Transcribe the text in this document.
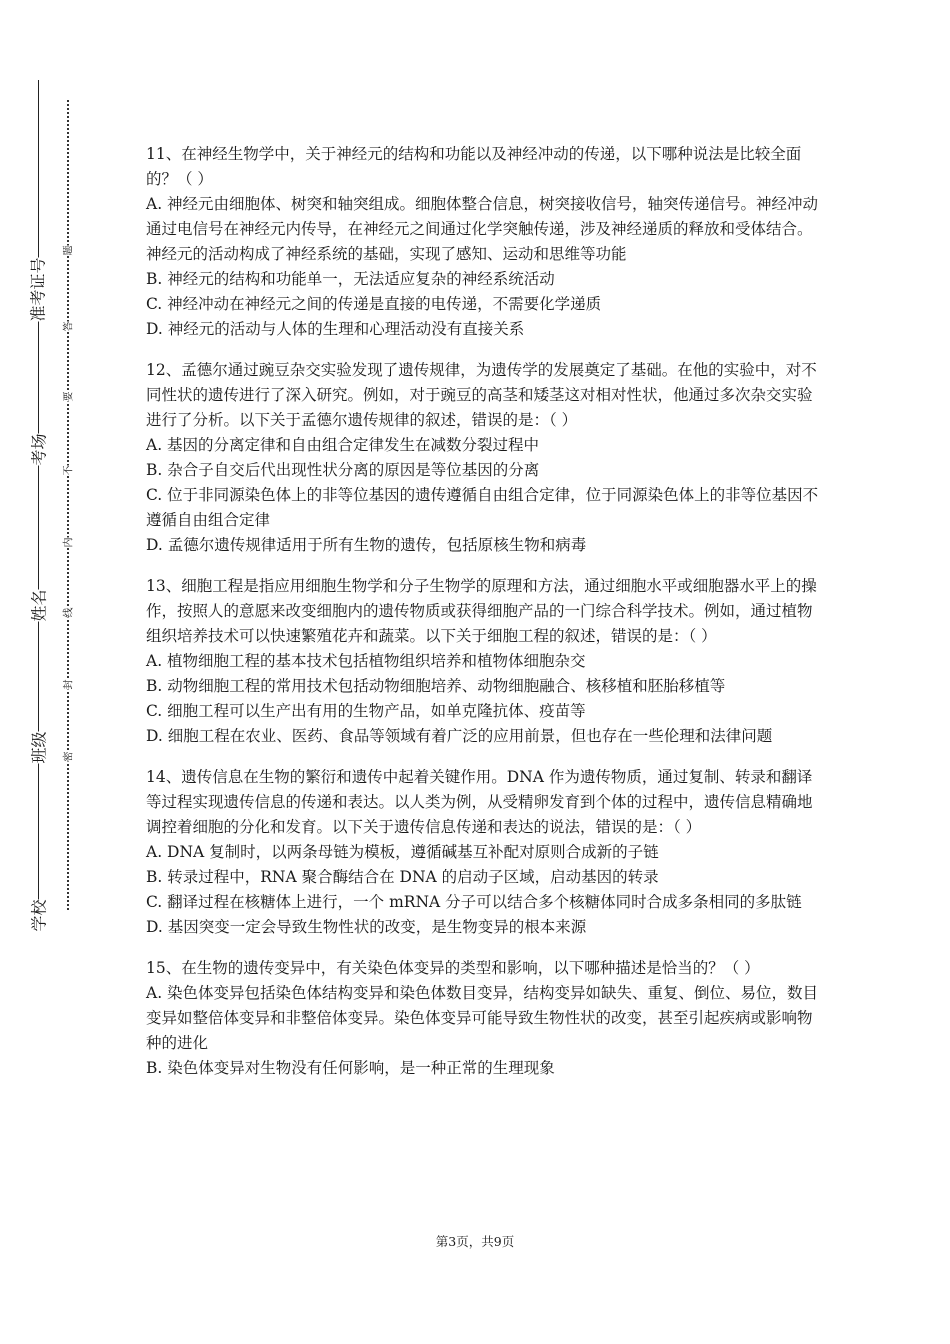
准考证号
考场
姓名
班级
学校
题
答
要
不
内
线
封
密

11、在神经生物学中，关于神经元的结构和功能以及神经冲动的传递，以下哪种说法是比较全面的？（ ）

A. 神经元由细胞体、树突和轴突组成。细胞体整合信息，树突接收信号，轴突传递信号。神经冲动通过电信号在神经元内传导，在神经元之间通过化学突触传递，涉及神经递质的释放和受体结合。神经元的活动构成了神经系统的基础，实现了感知、运动和思维等功能

B. 神经元的结构和功能单一，无法适应复杂的神经系统活动

C. 神经冲动在神经元之间的传递是直接的电传递，不需要化学递质

D. 神经元的活动与人体的生理和心理活动没有直接关系

12、孟德尔通过豌豆杂交实验发现了遗传规律，为遗传学的发展奠定了基础。在他的实验中，对不同性状的遗传进行了深入研究。例如，对于豌豆的高茎和矮茎这对相对性状，他通过多次杂交实验进行了分析。以下关于孟德尔遗传规律的叙述，错误的是：（ ）

A. 基因的分离定律和自由组合定律发生在减数分裂过程中

B. 杂合子自交后代出现性状分离的原因是等位基因的分离

C. 位于非同源染色体上的非等位基因的遗传遵循自由组合定律，位于同源染色体上的非等位基因不遵循自由组合定律

D. 孟德尔遗传规律适用于所有生物的遗传，包括原核生物和病毒

13、细胞工程是指应用细胞生物学和分子生物学的原理和方法，通过细胞水平或细胞器水平上的操作，按照人的意愿来改变细胞内的遗传物质或获得细胞产品的一门综合科学技术。例如，通过植物组织培养技术可以快速繁殖花卉和蔬菜。以下关于细胞工程的叙述，错误的是：（ ）

A. 植物细胞工程的基本技术包括植物组织培养和植物体细胞杂交

B. 动物细胞工程的常用技术包括动物细胞培养、动物细胞融合、核移植和胚胎移植等

C. 细胞工程可以生产出有用的生物产品，如单克隆抗体、疫苗等

D. 细胞工程在农业、医药、食品等领域有着广泛的应用前景，但也存在一些伦理和法律问题

14、遗传信息在生物的繁衍和遗传中起着关键作用。DNA 作为遗传物质，通过复制、转录和翻译等过程实现遗传信息的传递和表达。以人类为例，从受精卵发育到个体的过程中，遗传信息精确地调控着细胞的分化和发育。以下关于遗传信息传递和表达的说法，错误的是：（ ）

A. DNA 复制时，以两条母链为模板，遵循碱基互补配对原则合成新的子链

B. 转录过程中，RNA 聚合酶结合在 DNA 的启动子区域，启动基因的转录

C. 翻译过程在核糖体上进行，一个 mRNA 分子可以结合多个核糖体同时合成多条相同的多肽链

D. 基因突变一定会导致生物性状的改变，是生物变异的根本来源

15、在生物的遗传变异中，有关染色体变异的类型和影响，以下哪种描述是恰当的？（ ）

A. 染色体变异包括染色体结构变异和染色体数目变异，结构变异如缺失、重复、倒位、易位，数目变异如整倍体变异和非整倍体变异。染色体变异可能导致生物性状的改变，甚至引起疾病或影响物种的进化

B. 染色体变异对生物没有任何影响，是一种正常的生理现象

第3页，共9页
